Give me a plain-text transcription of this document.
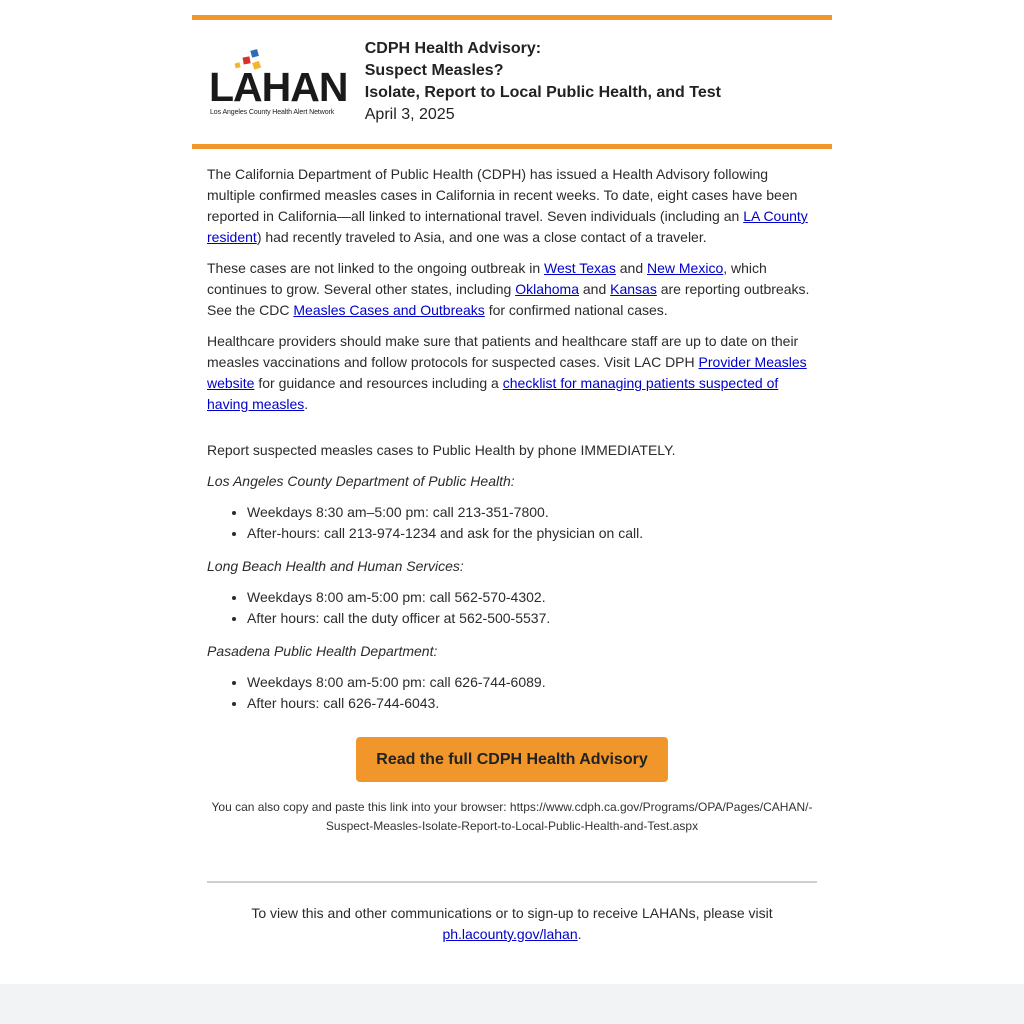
LAHAN
Los Angeles County Health Alert Network
CDPH Health Advisory:
Suspect Measles?
Isolate, Report to Local Public Health, and Test
April 3, 2025

The California Department of Public Health (CDPH) has issued a Health Advisory following multiple confirmed measles cases in California in recent weeks. To date, eight cases have been reported in California—all linked to international travel. Seven individuals (including an LA County resident) had recently traveled to Asia, and one was a close contact of a traveler.

These cases are not linked to the ongoing outbreak in West Texas and New Mexico, which continues to grow. Several other states, including Oklahoma and Kansas are reporting outbreaks. See the CDC Measles Cases and Outbreaks for confirmed national cases.

Healthcare providers should make sure that patients and healthcare staff are up to date on their measles vaccinations and follow protocols for suspected cases. Visit LAC DPH Provider Measles website for guidance and resources including a checklist for managing patients suspected of having measles.

Report suspected measles cases to Public Health by phone IMMEDIATELY.

Los Angeles County Department of Public Health:

• Weekdays 8:30 am–5:00 pm: call 213-351-7800.
• After-hours: call 213-974-1234 and ask for the physician on call.

Long Beach Health and Human Services:

• Weekdays 8:00 am-5:00 pm: call 562-570-4302.
• After hours: call the duty officer at 562-500-5537.

Pasadena Public Health Department:

• Weekdays 8:00 am-5:00 pm: call 626-744-6089.
• After hours: call 626-744-6043.
Read the full CDPH Health Advisory
You can also copy and paste this link into your browser: https://www.cdph.ca.gov/Programs/OPA/Pages/CAHAN/-Suspect-Measles-Isolate-Report-to-Local-Public-Health-and-Test.aspx
To view this and other communications or to sign-up to receive LAHANs, please visit
ph.lacounty.gov/lahan.
